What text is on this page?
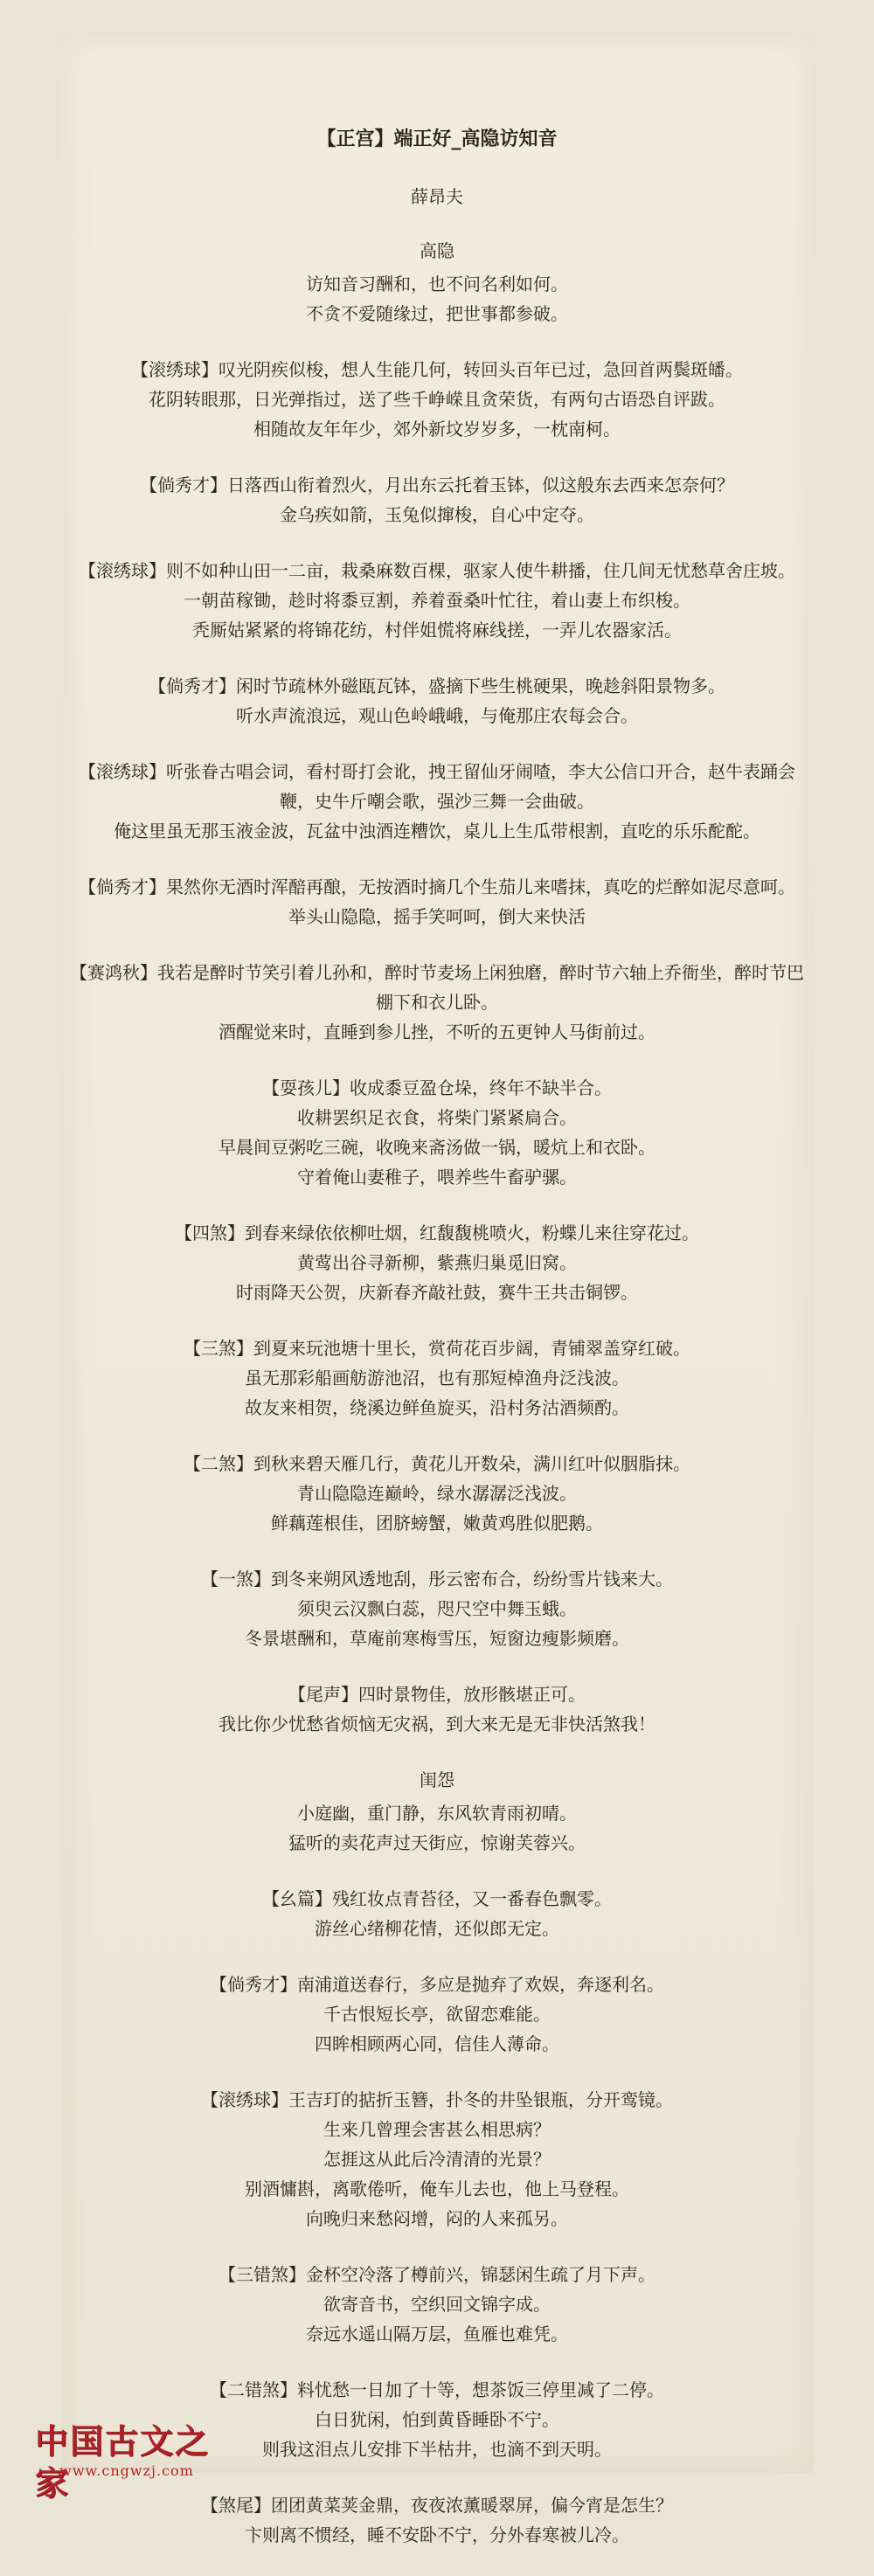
【正宫】端正好_高隐访知音
薛昂夫
高隐
访知音习酬和，也不问名利如何。
不贪不爱随缘过，把世事都参破。
【滚绣球】叹光阴疾似梭，想人生能几何，转回头百年已过，急回首两鬓斑皤。
花阴转眼那，日光弹指过，送了些千峥嵘且贪荣货，有两句古语恐自评跋。
相随故友年年少，郊外新坟岁岁多，一枕南柯。
【倘秀才】日落西山衔着烈火，月出东云托着玉钵，似这般东去西来怎奈何？
金乌疾如箭，玉兔似撺梭，自心中定夺。
【滚绣球】则不如种山田一二亩，栽桑麻数百棵，驱家人使牛耕播，住几间无忧愁草舍庄坡。
一朝苗稼锄，趁时将黍豆割，养着蚕桑叶忙往，着山妻上布织梭。
秃厮姑紧紧的将锦花纺，村伴姐慌将麻线搓，一弄儿农器家活。
【倘秀才】闲时节疏林外磁瓯瓦钵，盛摘下些生桃硬果，晚趁斜阳景物多。
听水声流浪远，观山色岭峨峨，与俺那庄农每会合。
【滚绣球】听张眷古唱会词，看村哥打会讹，拽王留仙牙闹喳，李大公信口开合，赵牛表踊会鞭，史牛斤嘲会歌，强沙三舞一会曲破。
俺这里虽无那玉液金波，瓦盆中浊酒连糟饮，桌儿上生瓜带根割，直吃的乐乐酡酡。
【倘秀才】果然你无酒时浑醅再酿，无按酒时摘几个生茄儿来嗜抹，真吃的烂醉如泥尽意呵。
举头山隐隐，摇手笑呵呵，倒大来快活
【赛鸿秋】我若是醉时节笑引着儿孙和，醉时节麦场上闲独磨，醉时节六轴上乔衙坐，醉时节巴棚下和衣儿卧。
酒醒觉来时，直睡到参儿挫，不听的五更钟人马街前过。
【耍孩儿】收成黍豆盈仓垛，终年不缺半合。
收耕罢织足衣食，将柴门紧紧扃合。
早晨间豆粥吃三碗，收晚来斋汤做一锅，暖炕上和衣卧。
守着俺山妻稚子，喂养些牛畜驴骡。
【四煞】到春来绿依依柳吐烟，红馥馥桃喷火，粉蝶儿来往穿花过。
黄莺出谷寻新柳，紫燕归巢觅旧窝。
时雨降天公贺，庆新春齐敲社鼓，赛牛王共击铜锣。
【三煞】到夏来玩池塘十里长，赏荷花百步阔，青铺翠盖穿红破。
虽无那彩船画舫游池沼，也有那短棹渔舟泛浅波。
故友来相贺，绕溪边鲜鱼旋买，沿村务沽酒频酌。
【二煞】到秋来碧天雁几行，黄花儿开数朵，满川红叶似胭脂抹。
青山隐隐连巅岭，绿水潺潺泛浅波。
鲜藕莲根佳，团脐螃蟹，嫩黄鸡胜似肥鹅。
【一煞】到冬来朔风透地刮，彤云密布合，纷纷雪片钱来大。
须臾云汉飘白蕊，咫尺空中舞玉蛾。
冬景堪酬和，草庵前寒梅雪压，短窗边瘦影频磨。
【尾声】四时景物佳，放形骸堪正可。
我比你少忧愁省烦恼无灾祸，到大来无是无非快活煞我！
闺怨
小庭幽，重门静，东风软青雨初晴。
猛听的卖花声过天街应，惊谢芙蓉兴。
【幺篇】残红妆点青苔径，又一番春色飘零。
游丝心绪柳花情，还似郎无定。
【倘秀才】南浦道送春行，多应是抛弃了欢娱，奔逐利名。
千古恨短长亭，欲留恋难能。
四眸相顾两心同，信佳人薄命。
【滚绣球】王吉玎的掂折玉簪，扑冬的井坠银瓶，分开鸾镜。
生来几曾理会害甚么相思病？
怎捱这从此后冷清清的光景？
别酒慵斟，离歌倦听，俺车儿去也，他上马登程。
向晚归来愁闷增，闷的人来孤另。
【三错煞】金杯空冷落了樽前兴，锦瑟闲生疏了月下声。
欲寄音书，空织回文锦字成。
奈远水遥山隔万层，鱼雁也难凭。
【二错煞】料忧愁一日加了十等，想茶饭三停里减了二停。
白日犹闲，怕到黄昏睡卧不宁。
则我这泪点儿安排下半枯井，也滴不到天明。
【煞尾】团团黄菜荚金鼎，夜夜浓薰暖翠屏，偏今宵是怎生？
卞则离不惯经，睡不安卧不宁，分外春寒被儿冷。
中国古文之家
www.cngwzj.com
